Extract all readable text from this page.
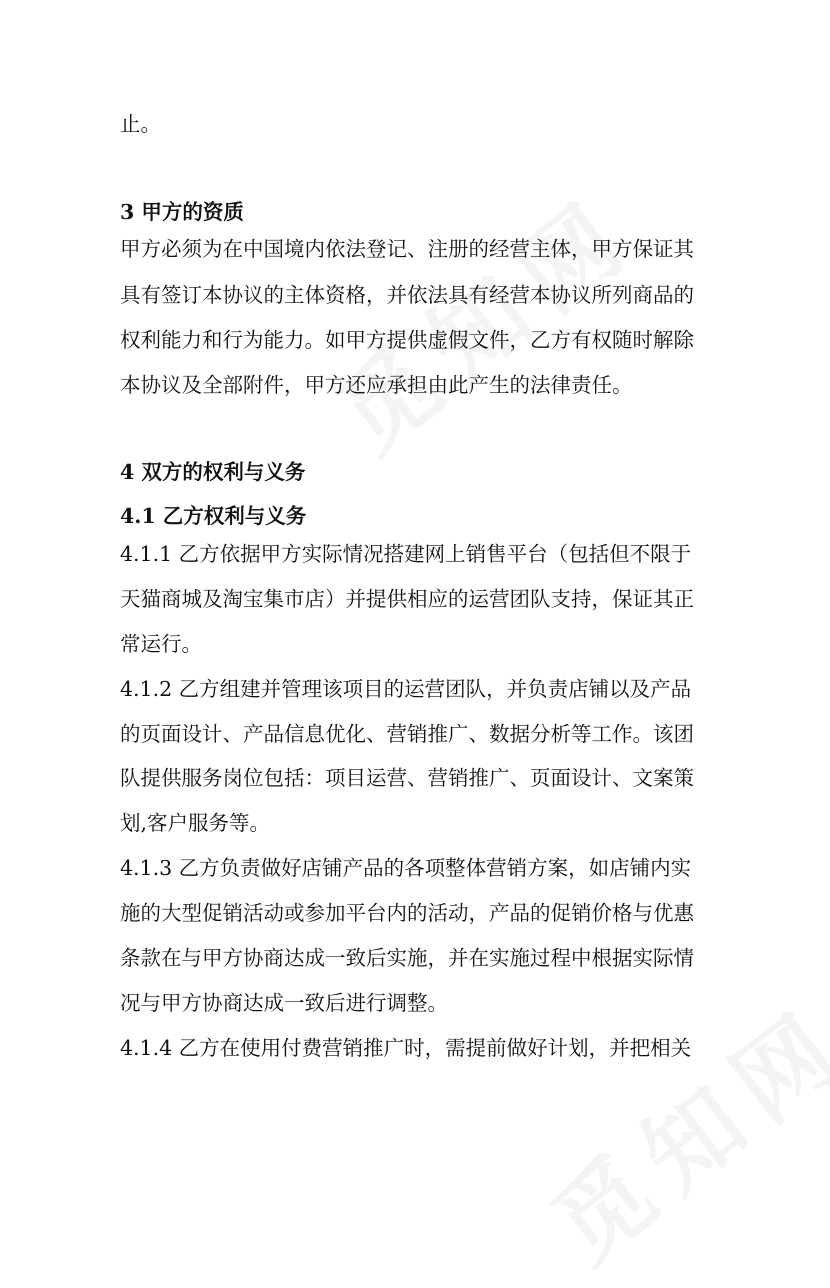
止。
3 甲方的资质
甲方必须为在中国境内依法登记、注册的经营主体，甲方保证其
具有签订本协议的主体资格，并依法具有经营本协议所列商品的
权利能力和行为能力。如甲方提供虚假文件，乙方有权随时解除
本协议及全部附件，甲方还应承担由此产生的法律责任。
4 双方的权利与义务
4.1 乙方权利与义务
4.1.1 乙方依据甲方实际情况搭建网上销售平台（包括但不限于
天猫商城及淘宝集市店）并提供相应的运营团队支持，保证其正
常运行。
4.1.2 乙方组建并管理该项目的运营团队，并负责店铺以及产品
的页面设计、产品信息优化、营销推广、数据分析等工作。该团
队提供服务岗位包括：项目运营、营销推广、页面设计、文案策
划,客户服务等。
4.1.3 乙方负责做好店铺产品的各项整体营销方案，如店铺内实
施的大型促销活动或参加平台内的活动，产品的促销价格与优惠
条款在与甲方协商达成一致后实施，并在实施过程中根据实际情
况与甲方协商达成一致后进行调整。
4.1.4 乙方在使用付费营销推广时，需提前做好计划，并把相关
